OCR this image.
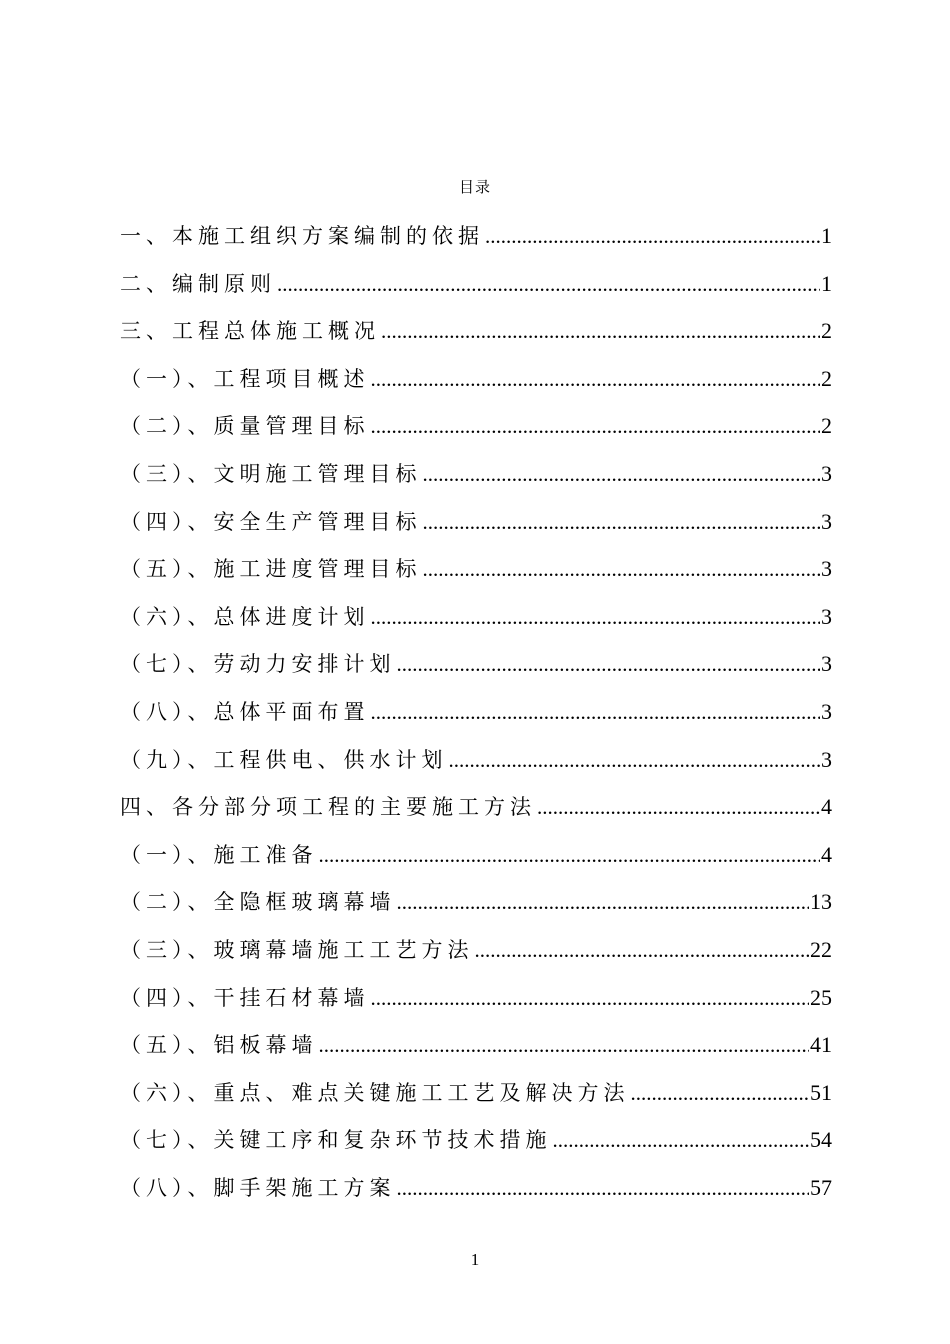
目录
一、本施工组织方案编制的依据 .....	1
二、编制原则 .....	1
三、工程总体施工概况 .....	2
（一）、工程项目概述 .....	2
（二）、质量管理目标 .....	2
（三）、文明施工管理目标 .....	3
（四）、安全生产管理目标 .....	3
（五）、施工进度管理目标 .....	3
（六）、总体进度计划 .....	3
（七）、劳动力安排计划 .....	3
（八）、总体平面布置 .....	3
（九）、工程供电、供水计划 .....	3
四、各分部分项工程的主要施工方法 .....	4
（一）、施工准备 .....	4
（二）、全隐框玻璃幕墙 .....	13
（三）、玻璃幕墙施工工艺方法 .....	22
（四）、干挂石材幕墙 .....	25
（五）、铝板幕墙 .....	41
（六）、重点、难点关键施工工艺及解决方法 .....	51
（七）、关键工序和复杂环节技术措施 .....	54
（八）、脚手架施工方案 .....	57
1
